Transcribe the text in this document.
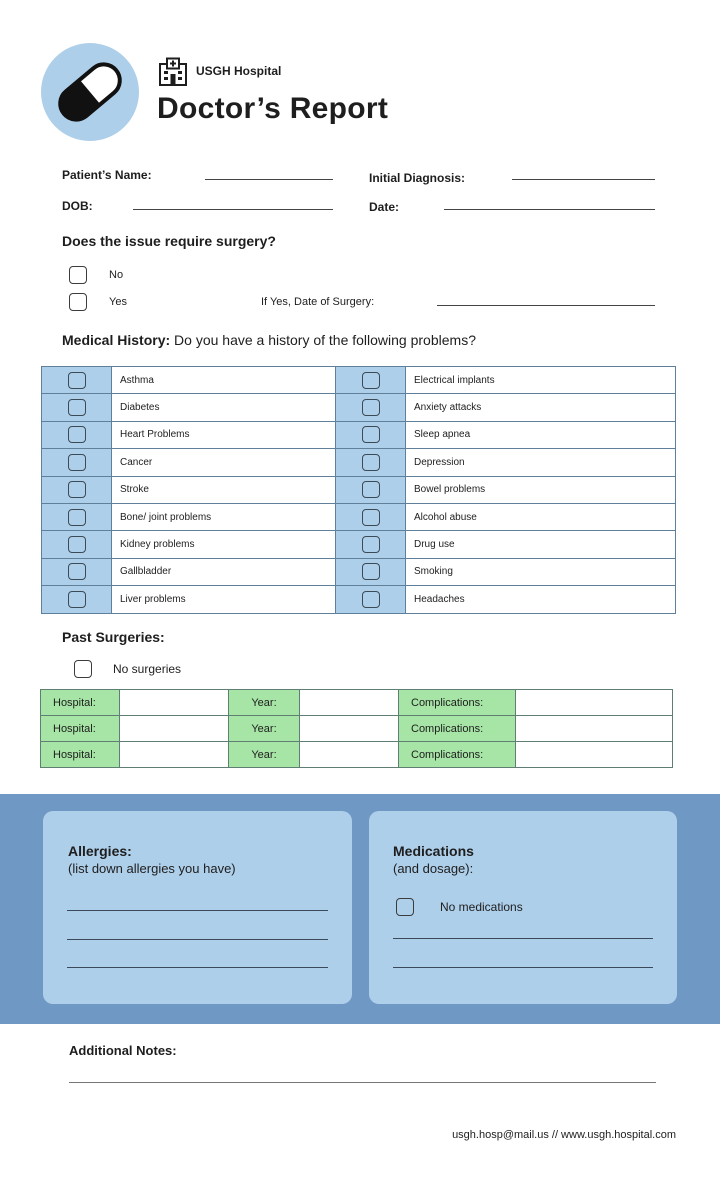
USGH Hospital
Doctor’s Report
Patient’s Name:	Initial Diagnosis:
DOB:	Date:
Does the issue require surgery?
No
Yes	If Yes, Date of Surgery:
Medical History: Do you have a history of the following problems?
	Asthma		Electrical implants
	Diabetes		Anxiety attacks
	Heart Problems		Sleep apnea
	Cancer		Depression
	Stroke		Bowel problems
	Bone/ joint problems		Alcohol abuse
	Kidney problems		Drug use
	Gallbladder		Smoking
	Liver problems		Headaches
Past Surgeries:
No surgeries
Hospital:		Year:		Complications:	
Hospital:		Year:		Complications:	
Hospital:		Year:		Complications:	
Allergies:
(list down allergies you have)
Medications
(and dosage):
No medications
Additional Notes:
usgh.hosp@mail.us // www.usgh.hospital.com
